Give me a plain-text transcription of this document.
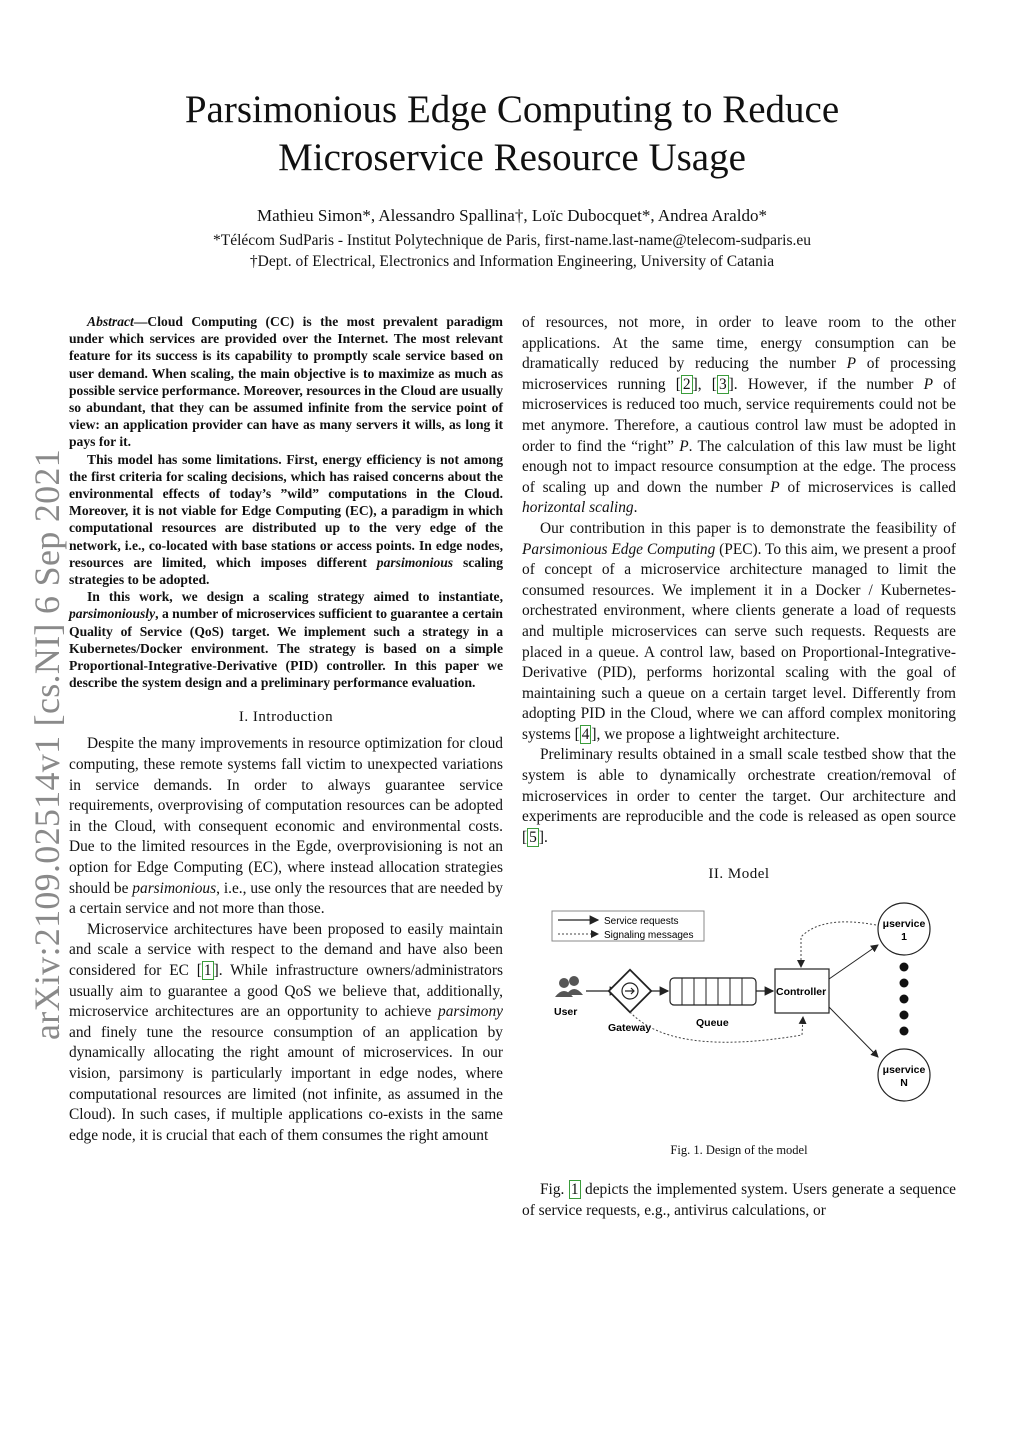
Parsimonious Edge Computing to Reduce
Microservice Resource Usage
Mathieu Simon*, Alessandro Spallina†, Loïc Dubocquet*, Andrea Araldo*
*Télécom SudParis - Institut Polytechnique de Paris, first-name.last-name@telecom-sudparis.eu
†Dept. of Electrical, Electronics and Information Engineering, University of Catania
arXiv:2109.02514v1 [cs.NI] 6 Sep 2021

Abstract—Cloud Computing (CC) is the most prevalent paradigm under which services are provided over the Internet. The most relevant feature for its success is its capability to promptly scale service based on user demand. When scaling, the main objective is to maximize as much as possible service performance. Moreover, resources in the Cloud are usually so abundant, that they can be assumed infinite from the service point of view: an application provider can have as many servers it wills, as long it pays for it.

This model has some limitations. First, energy efficiency is not among the first criteria for scaling decisions, which has raised concerns about the environmental effects of today’s ”wild” computations in the Cloud. Moreover, it is not viable for Edge Computing (EC), a paradigm in which computational resources are distributed up to the very edge of the network, i.e., co-located with base stations or access points. In edge nodes, resources are limited, which imposes different parsimonious scaling strategies to be adopted.

In this work, we design a scaling strategy aimed to instantiate, parsimoniously, a number of microservices sufficient to guarantee a certain Quality of Service (QoS) target. We implement such a strategy in a Kubernetes/Docker environment. The strategy is based on a simple Proportional-Integrative-Derivative (PID) controller. In this paper we describe the system design and a preliminary performance evaluation.

I. Introduction

Despite the many improvements in resource optimization for cloud computing, these remote systems fall victim to unexpected variations in service demands. In order to always guarantee service requirements, overprovising of computation resources can be adopted in the Cloud, with consequent economic and environmental costs. Due to the limited resources in the Egde, overprovisioning is not an option for Edge Computing (EC), where instead allocation strategies should be parsimonious, i.e., use only the resources that are needed by a certain service and not more than those.

Microservice architectures have been proposed to easily maintain and scale a service with respect to the demand and have also been considered for EC [ 1 ]. While infrastructure owners/administrators usually aim to guarantee a good QoS we believe that, additionally, microservice architectures are an opportunity to achieve parsimony and finely tune the resource consumption of an application by dynamically allocating the right amount of microservices. In our vision, parsimony is particularly important in edge nodes, where computational resources are limited (not infinite, as assumed in the Cloud). In such cases, if multiple applications co-exists in the same edge node, it is crucial that each of them consumes the right amount

of resources, not more, in order to leave room to the other applications. At the same time, energy consumption can be dramatically reduced by reducing the number P of processing microservices running [ 2 ], [ 3 ]. However, if the number P of microservices is reduced too much, service requirements could not be met anymore. Therefore, a cautious control law must be adopted in order to find the “right” P. The calculation of this law must be light enough not to impact resource consumption at the edge. The process of scaling up and down the number P of microservices is called horizontal scaling.

Our contribution in this paper is to demonstrate the feasibility of Parsimonious Edge Computing (PEC). To this aim, we present a proof of concept of a microservice architecture managed to limit the consumed resources. We implement it in a Docker / Kubernetes-orchestrated environment, where clients generate a load of requests and multiple microservices can serve such requests. Requests are placed in a queue. A control law, based on Proportional-Integrative-Derivative (PID), performs horizontal scaling with the goal of maintaining such a queue on a certain target level. Differently from adopting PID in the Cloud, where we can afford complex monitoring systems [ 4 ], we propose a lightweight architecture.

Preliminary results obtained in a small scale testbed show that the system is able to dynamically orchestrate creation/removal of microservices in order to center the target. Our architecture and experiments are reproducible and the code is released as open source [ 5 ].

II. Model
Service requests
Signaling messages
User
Gateway	Queue
Controller
μservice
1
μservice
N
Fig. 1. Design of the model

Fig. 1 depicts the implemented system. Users generate a sequence of service requests, e.g., antivirus calculations, or
